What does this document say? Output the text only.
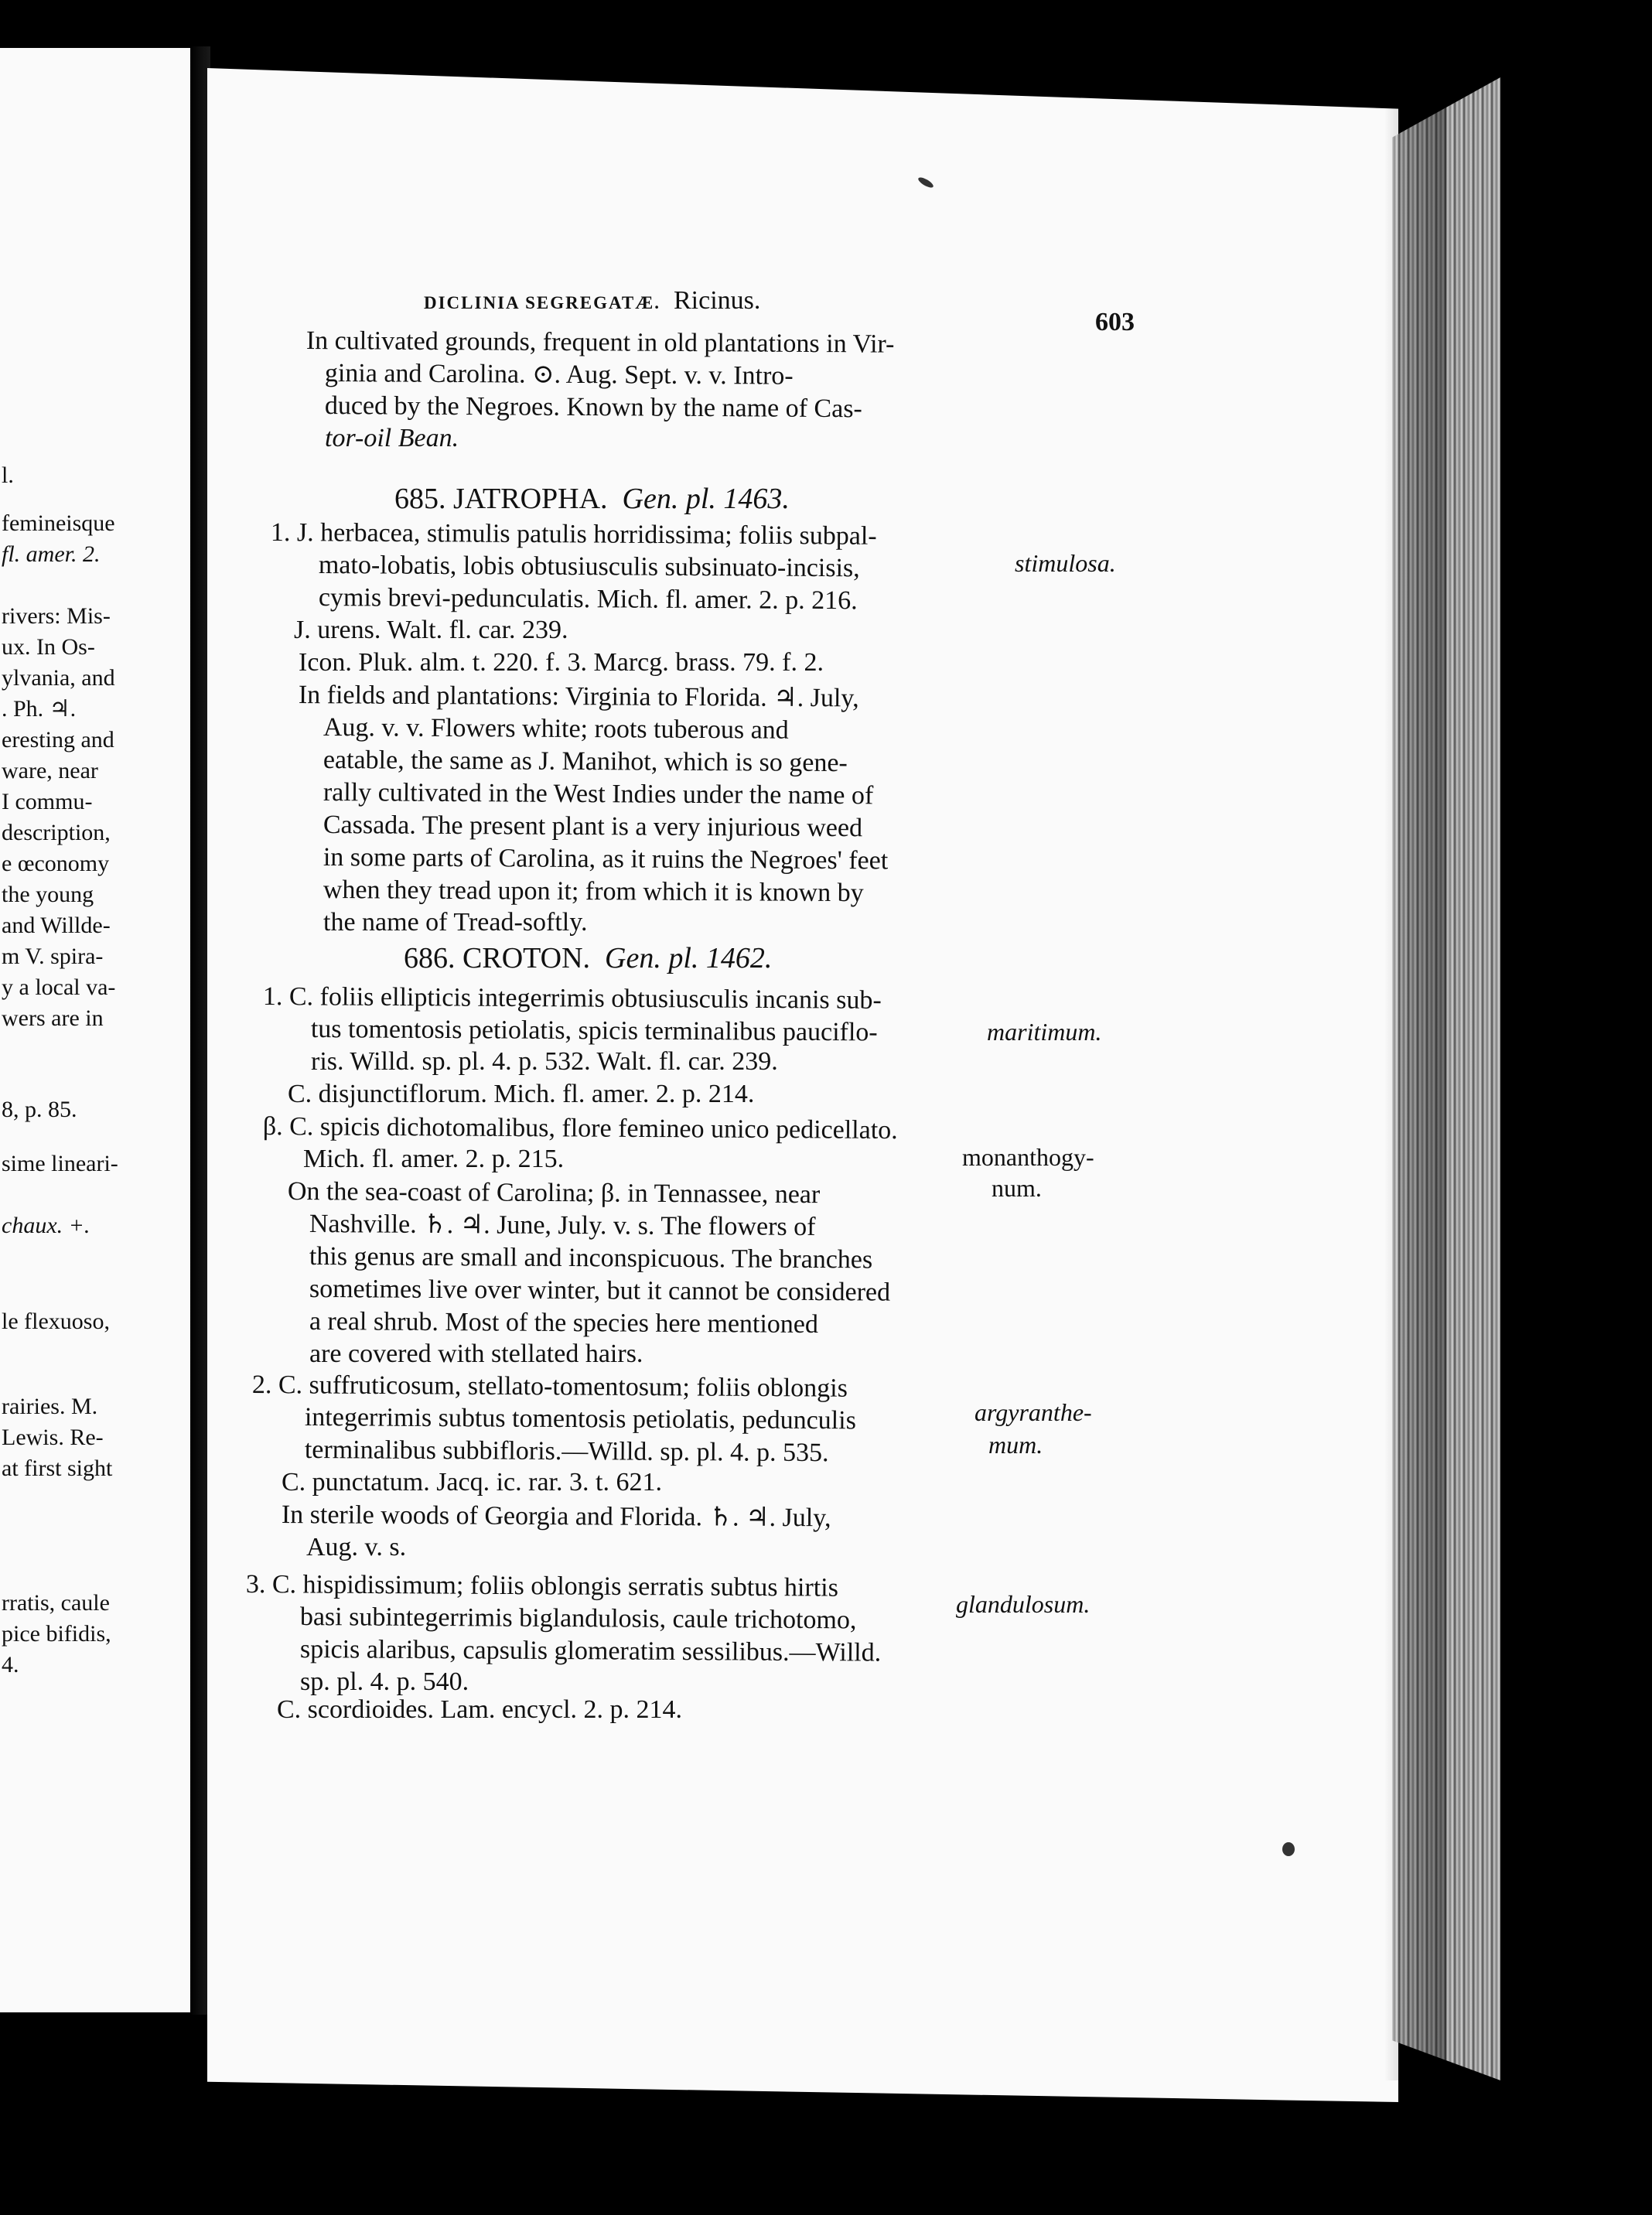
l.
femineisque
fl. amer. 2.
rivers: Mis-
ux. In Os-
ylvania, and
. Ph. ♃.
eresting and
ware, near
I commu-
description,
e œconomy
the young
and Willde-
m V. spira-
y a local va-
wers are in
8, p. 85.
sime lineari-
chaux. +.
le flexuoso,
rairies. M.
Lewis. Re-
at first sight
rratis, caule
pice bifidis,
4.
DICLINIA SEGREGATÆ. Ricinus.
603
In cultivated grounds, frequent in old plantations in Vir-
ginia and Carolina. ⊙. Aug. Sept. v. v. Intro-
duced by the Negroes. Known by the name of Cas-
tor-oil Bean.
685. JATROPHA. Gen. pl. 1463.
1. J. herbacea, stimulis patulis horridissima; foliis subpal-
mato-lobatis, lobis obtusiusculis subsinuato-incisis,
cymis brevi-pedunculatis. Mich. fl. amer. 2. p. 216.
J. urens. Walt. fl. car. 239.
Icon. Pluk. alm. t. 220. f. 3. Marcg. brass. 79. f. 2.
In fields and plantations: Virginia to Florida. ♃. July,
Aug. v. v. Flowers white; roots tuberous and
eatable, the same as J. Manihot, which is so gene-
rally cultivated in the West Indies under the name of
Cassada. The present plant is a very injurious weed
in some parts of Carolina, as it ruins the Negroes' feet
when they tread upon it; from which it is known by
the name of Tread-softly.
stimulosa.
686. CROTON. Gen. pl. 1462.
1. C. foliis ellipticis integerrimis obtusiusculis incanis sub-
tus tomentosis petiolatis, spicis terminalibus pauciflo-
ris. Willd. sp. pl. 4. p. 532. Walt. fl. car. 239.
C. disjunctiflorum. Mich. fl. amer. 2. p. 214.
β. C. spicis dichotomalibus, flore femineo unico pedicellato.
Mich. fl. amer. 2. p. 215.
On the sea-coast of Carolina; β. in Tennassee, near
Nashville. ♄. ♃. June, July. v. s. The flowers of
this genus are small and inconspicuous. The branches
sometimes live over winter, but it cannot be considered
a real shrub. Most of the species here mentioned
are covered with stellated hairs.
maritimum.
monanthogy-
num.
2. C. suffruticosum, stellato-tomentosum; foliis oblongis
integerrimis subtus tomentosis petiolatis, pedunculis
terminalibus subbifloris.—Willd. sp. pl. 4. p. 535.
C. punctatum. Jacq. ic. rar. 3. t. 621.
In sterile woods of Georgia and Florida. ♄. ♃. July,
Aug. v. s.
argyranthe-
mum.
3. C. hispidissimum; foliis oblongis serratis subtus hirtis
basi subintegerrimis biglandulosis, caule trichotomo,
spicis alaribus, capsulis glomeratim sessilibus.—Willd.
sp. pl. 4. p. 540.
C. scordioides. Lam. encycl. 2. p. 214.
glandulosum.
